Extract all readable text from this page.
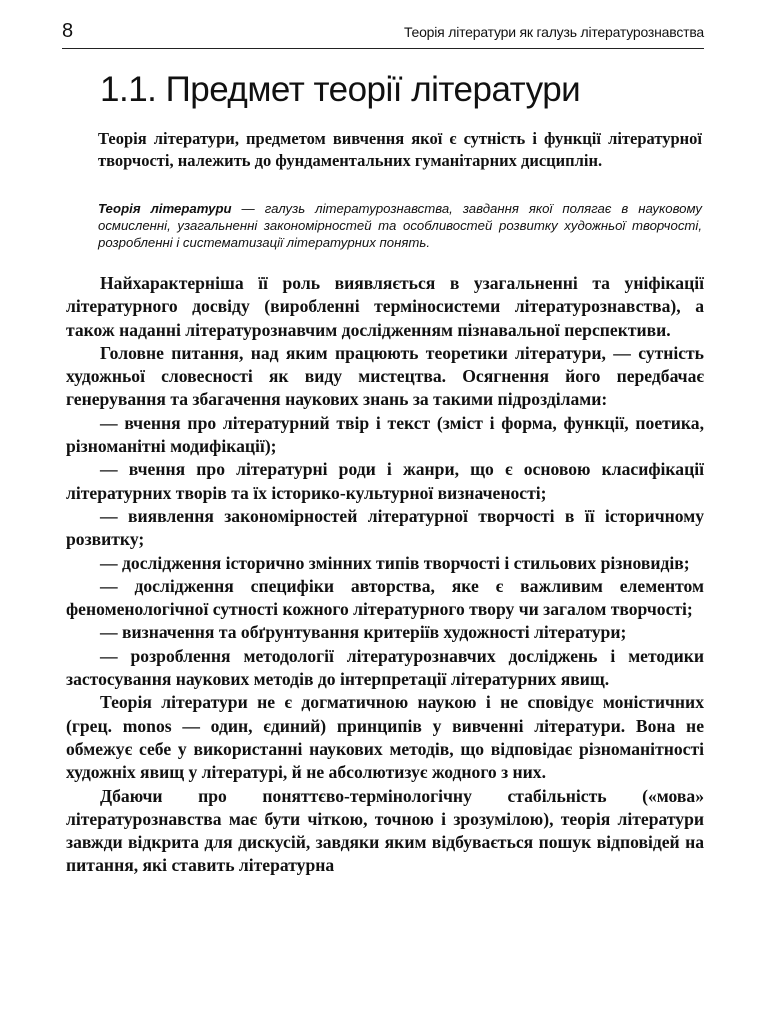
8	Теорія літератури як галузь літературознавства
1.1. Предмет теорії літератури

Теорія літератури, предметом вивчення якої є сутність і функції літературної творчості, належить до фундаментальних гуманітарних дисциплін.

Теорія літератури — галузь літературознавства, завдання якої полягає в науковому осмисленні, узагальненні закономірностей та особливостей розвитку художньої творчості, розробленні і систематизації літературних понять.

Найхарактерніша її роль виявляється в узагальненні та уніфікації літературного досвіду (виробленні терміносистеми літературознавства), а також наданні літературознавчим дослідженням пізнавальної перспективи.

Головне питання, над яким працюють теоретики літератури, — сутність художньої словесності як виду мистецтва. Осягнення його передбачає генерування та збагачення наукових знань за такими підрозділами:

— вчення про літературний твір і текст (зміст і форма, функції, поетика, різноманітні модифікації);

— вчення про літературні роди і жанри, що є основою класифікації літературних творів та їх історико-культурної визначеності;

— виявлення закономірностей літературної творчості в її історичному розвитку;

— дослідження історично змінних типів творчості і стильових різновидів;

— дослідження специфіки авторства, яке є важливим елементом феноменологічної сутності кожного літературного твору чи загалом творчості;

— визначення та обґрунтування критеріїв художності літератури;

— розроблення методології літературознавчих досліджень і методики застосування наукових методів до інтерпретації літературних явищ.

Теорія літератури не є догматичною наукою і не сповідує моністичних (грец. monos — один, єдиний) принципів у вивченні літератури. Вона не обмежує себе у використанні наукових методів, що відповідає різноманітності художніх явищ у літературі, й не абсолютизує жодного з них.

Дбаючи про поняттєво-термінологічну стабільність («мова» літературознавства має бути чіткою, точною і зрозумілою), теорія літератури завжди відкрита для дискусій, завдяки яким відбувається пошук відповідей на питання, які ставить літературна
